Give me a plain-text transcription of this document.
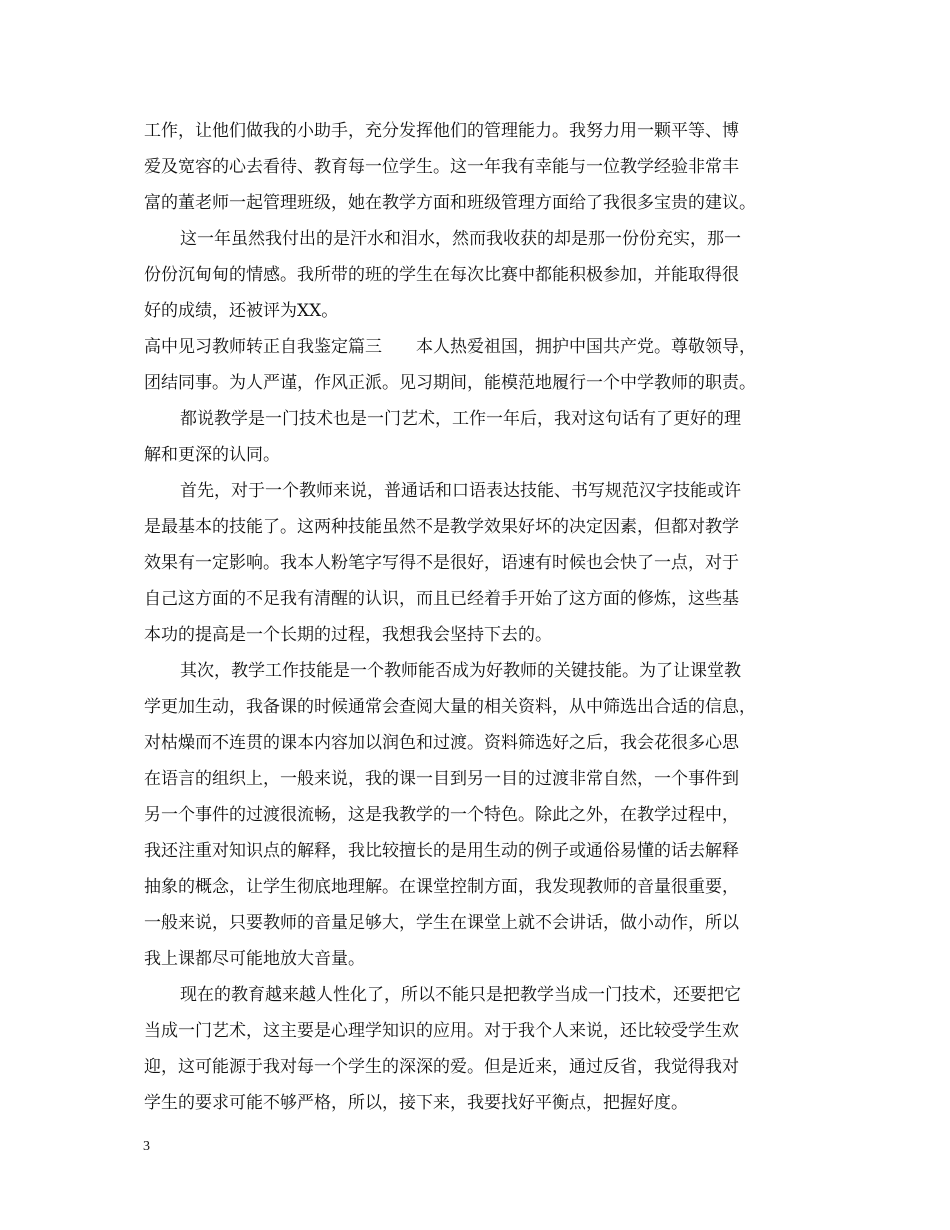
工作，让他们做我的小助手，充分发挥他们的管理能力。我努力用一颗平等、博
爱及宽容的心去看待、教育每一位学生。这一年我有幸能与一位教学经验非常丰
富的董老师一起管理班级，她在教学方面和班级管理方面给了我很多宝贵的建议。
这一年虽然我付出的是汗水和泪水，然而我收获的却是那一份份充实，那一
份份沉甸甸的情感。我所带的班的学生在每次比赛中都能积极参加，并能取得很
好的成绩，还被评为XX。
高中见习教师转正自我鉴定篇三　　本人热爱祖国，拥护中国共产党。尊敬领导，
团结同事。为人严谨，作风正派。见习期间，能模范地履行一个中学教师的职责。
都说教学是一门技术也是一门艺术，工作一年后，我对这句话有了更好的理
解和更深的认同。
首先，对于一个教师来说，普通话和口语表达技能、书写规范汉字技能或许
是最基本的技能了。这两种技能虽然不是教学效果好坏的决定因素，但都对教学
效果有一定影响。我本人粉笔字写得不是很好，语速有时候也会快了一点，对于
自己这方面的不足我有清醒的认识，而且已经着手开始了这方面的修炼，这些基
本功的提高是一个长期的过程，我想我会坚持下去的。
其次，教学工作技能是一个教师能否成为好教师的关键技能。为了让课堂教
学更加生动，我备课的时候通常会查阅大量的相关资料，从中筛选出合适的信息，
对枯燥而不连贯的课本内容加以润色和过渡。资料筛选好之后，我会花很多心思
在语言的组织上，一般来说，我的课一目到另一目的过渡非常自然，一个事件到
另一个事件的过渡很流畅，这是我教学的一个特色。除此之外，在教学过程中，
我还注重对知识点的解释，我比较擅长的是用生动的例子或通俗易懂的话去解释
抽象的概念，让学生彻底地理解。在课堂控制方面，我发现教师的音量很重要，
一般来说，只要教师的音量足够大，学生在课堂上就不会讲话，做小动作，所以
我上课都尽可能地放大音量。
现在的教育越来越人性化了，所以不能只是把教学当成一门技术，还要把它
当成一门艺术，这主要是心理学知识的应用。对于我个人来说，还比较受学生欢
迎，这可能源于我对每一个学生的深深的爱。但是近来，通过反省，我觉得我对
学生的要求可能不够严格，所以，接下来，我要找好平衡点，把握好度。
3
